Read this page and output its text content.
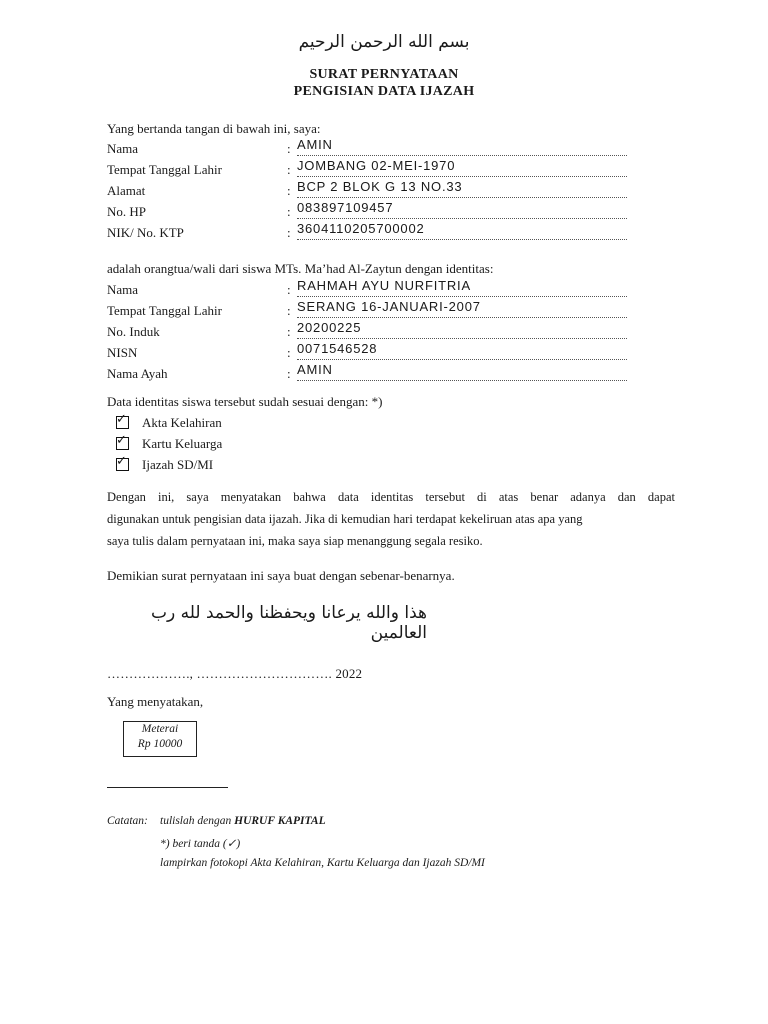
بسم الله الرحمن الرحيم
SURAT PERNYATAAN
PENGISIAN DATA IJAZAH
Yang bertanda tangan di bawah ini, saya:
Nama	: AMIN
Tempat Tanggal Lahir	: JOMBANG 02-MEI-1970
Alamat	: BCP 2 BLOK G 13 NO.33
No. HP	: 083897109457
NIK/ No. KTP	: 3604110205700002
adalah orangtua/wali dari siswa MTs. Ma’had Al-Zaytun dengan identitas:
Nama	: RAHMAH AYU NURFITRIA
Tempat Tanggal Lahir	: SERANG 16-JANUARI-2007
No. Induk	: 20200225
NISN	: 0071546528
Nama Ayah	: AMIN
Data identitas siswa tersebut sudah sesuai dengan: *)
✓ Akta Kelahiran
✓ Kartu Keluarga
✓ Ijazah SD/MI
Dengan ini, saya menyatakan bahwa data identitas tersebut di atas benar adanya dan dapat
digunakan untuk pengisian data ijazah. Jika di kemudian hari terdapat kekeliruan atas apa yang
saya tulis dalam pernyataan ini, maka saya siap menanggung segala resiko.
Demikian surat pernyataan ini saya buat dengan sebenar-benarnya.
هذا والله يرعانا ويحفظنا والحمد لله رب العالمين
………………., …………………………. 2022
Yang menyatakan,
Meterai
Rp 10000
Catatan: tulislah dengan HURUF KAPITAL
*) beri tanda (✓)
lampirkan fotokopi Akta Kelahiran, Kartu Keluarga dan Ijazah SD/MI
